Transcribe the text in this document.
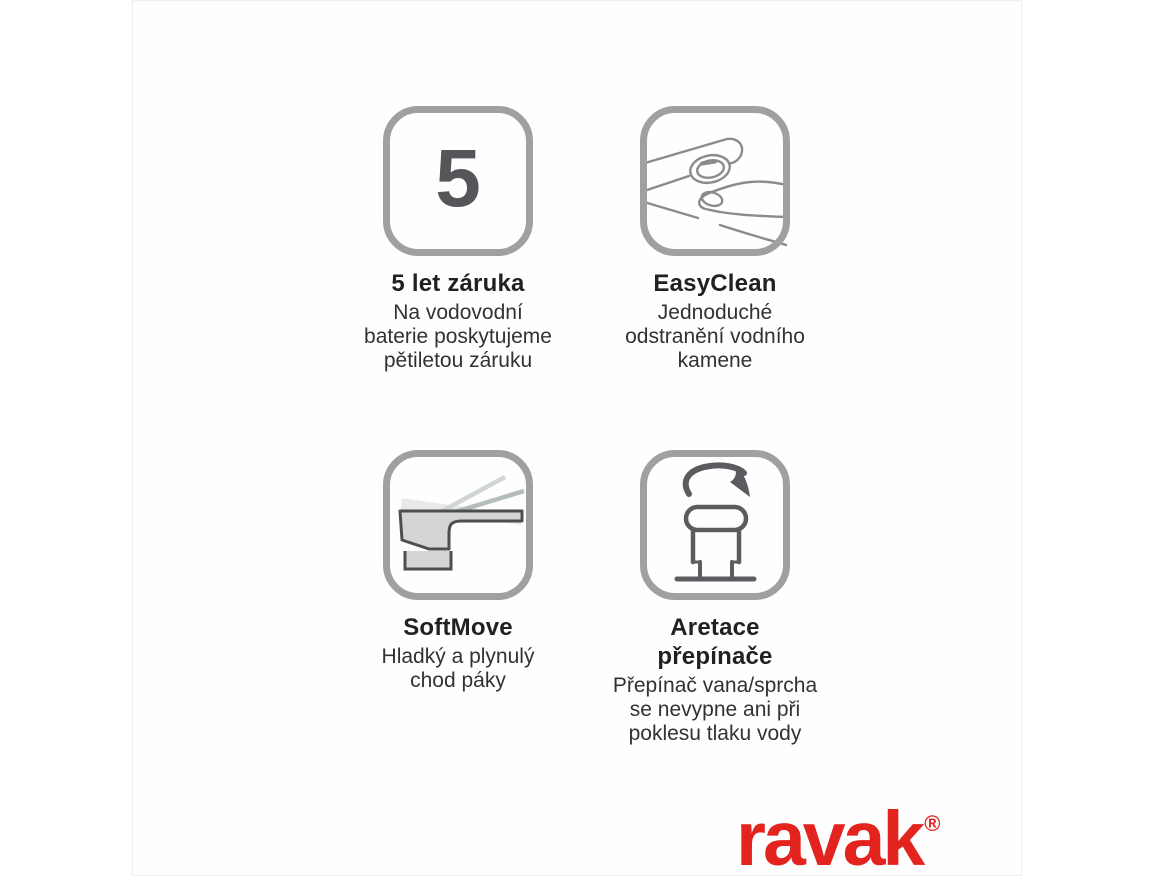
5
5 let záruka
Na vodovodní
baterie poskytujeme
pětiletou záruku
EasyClean
Jednoduché
odstranění vodního
kamene
SoftMove
Hladký a plynulý
chod páky
Aretace
přepínače
Přepínač vana/sprcha
se nevypne ani při
poklesu tlaku vody
ravak®
